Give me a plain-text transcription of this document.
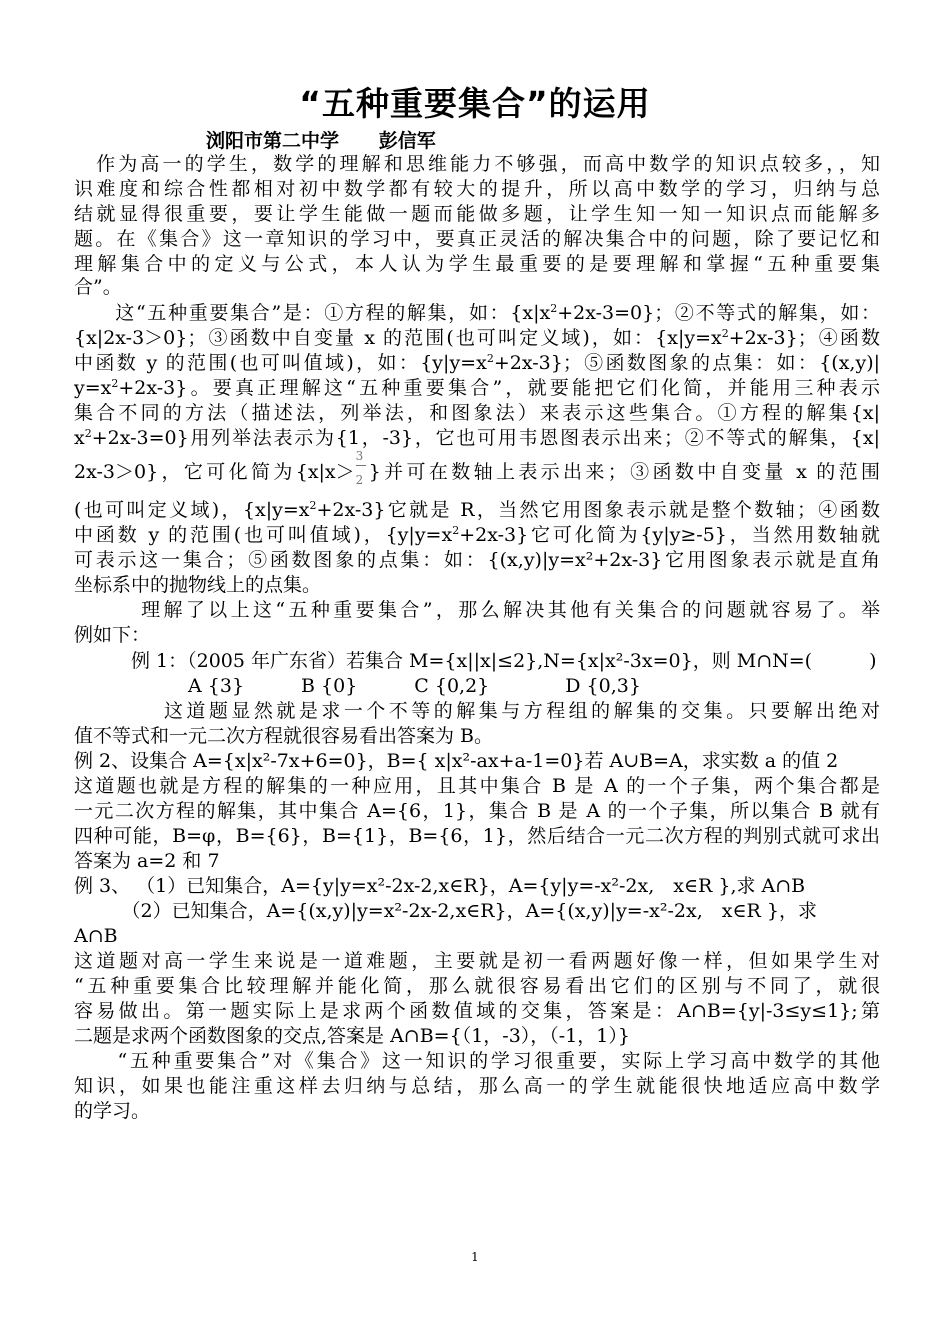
“五种重要集合”的运用
浏阳市第二中学      彭信军
　作为高一的学生，数学的理解和思维能力不够强，而高中数学的知识点较多，，知
识难度和综合性都相对初中数学都有较大的提升，所以高中数学的学习，归纳与总
结就显得很重要，要让学生能做一题而能做多题，让学生知一知一知识点而能解多
题。在《集合》这一章知识的学习中，要真正灵活的解决集合中的问题，除了要记忆和
理解集合中的定义与公式，本人认为学生最重要的是要理解和掌握“五种重要集
合”。
　　这“五种重要集合”是：①方程的解集，如：$\{x|x^2+2x-3=0\}$；②不等式的解集，如：
{x|2x-3＞0}；③函数中自变量 x 的范围(也可叫定义域)，如：$\{x|y=x^2+2x-3\}$；④函数
中函数 y 的范围(也可叫值域)，如：$\{y|y=x^2+2x-3\}$；⑤函数图象的点集：如：{(x,y)|
$y=x^2+2x-3$}。要真正理解这“五种重要集合”，就要能把它们化简，并能用三种表示
集合不同的方法（描述法，列举法，和图象法）来表示这些集合。①方程的解集{x|
$x^2+2x-3=0$}用列举法表示为{1，-3}，它也可用韦恩图表示出来；②不等式的解集，{x|
2x-3＞0}，它可化简为{$x|x> \frac{3}{2}$ }并可在数轴上表示出来；③函数中自变量 x 的范围
(也可叫定义域)，$\{x|y=x^2+2x-3\}$它就是 R，当然它用图象表示就是整个数轴；④函数
中函数 y 的范围(也可叫值域)，$\{y|y=x^2+2x-3\}$它可化简为{y|y≥-5}，当然用数轴就
可表示这一集合；⑤函数图象的点集：如：{(x,y)|y=x²+2x-3}它用图象表示就是直角
坐标系中的抛物线上的点集。
　　　理解了以上这“五种重要集合”，那么解决其他有关集合的问题就容易了。举
例如下：
　　　例 1：（2005 年广东省）若集合 M={x||x|≤2},N={x|x²-3x=0}，则 M∩N=(　　　)
　　　　　　A {3}　　　B {0}　　　C {0,2}　　　　D {0,3}
　　　　这道题显然就是求一个不等的解集与方程组的解集的交集。只要解出绝对
值不等式和一元二次方程就很容易看出答案为 B。
例 2、设集合 A={x|x²-7x+6=0}，B={ x|x²-ax+a-1=0}若 A∪B=A，求实数 a 的值 2
这道题也就是方程的解集的一种应用，且其中集合 B 是 A 的一个子集，两个集合都是
一元二次方程的解集，其中集合 A={6，1}，集合 B 是 A 的一个子集，所以集合 B 就有
四种可能，B=φ，B={6}，B={1}，B={6，1}，然后结合一元二次方程的判别式就可求出
答案为 a=2 和 7
例 3、 （1）已知集合，A={y|y=x²-2x-2,x∈R}，A={y|y=-x²-2x,　x∈R },求 A∩B
　　　（2）已知集合，A={(x,y)|y=x²-2x-2,x∈R}，A={(x,y)|y=-x²-2x,　x∈R }，求
A∩B
这道题对高一学生来说是一道难题，主要就是初一看两题好像一样，但如果学生对
“五种重要集合比较理解并能化简，那么就很容易看出它们的区别与不同了，就很
容易做出。第一题实际上是求两个函数值域的交集，答案是：A∩B={y|-3≤y≤1};第
二题是求两个函数图象的交点,答案是 A∩B={（1，-3），（-1，1）}
　　“五种重要集合”对《集合》这一知识的学习很重要，实际上学习高中数学的其他
知识，如果也能注重这样去归纳与总结，那么高一的学生就能很快地适应高中数学
的学习。
1
